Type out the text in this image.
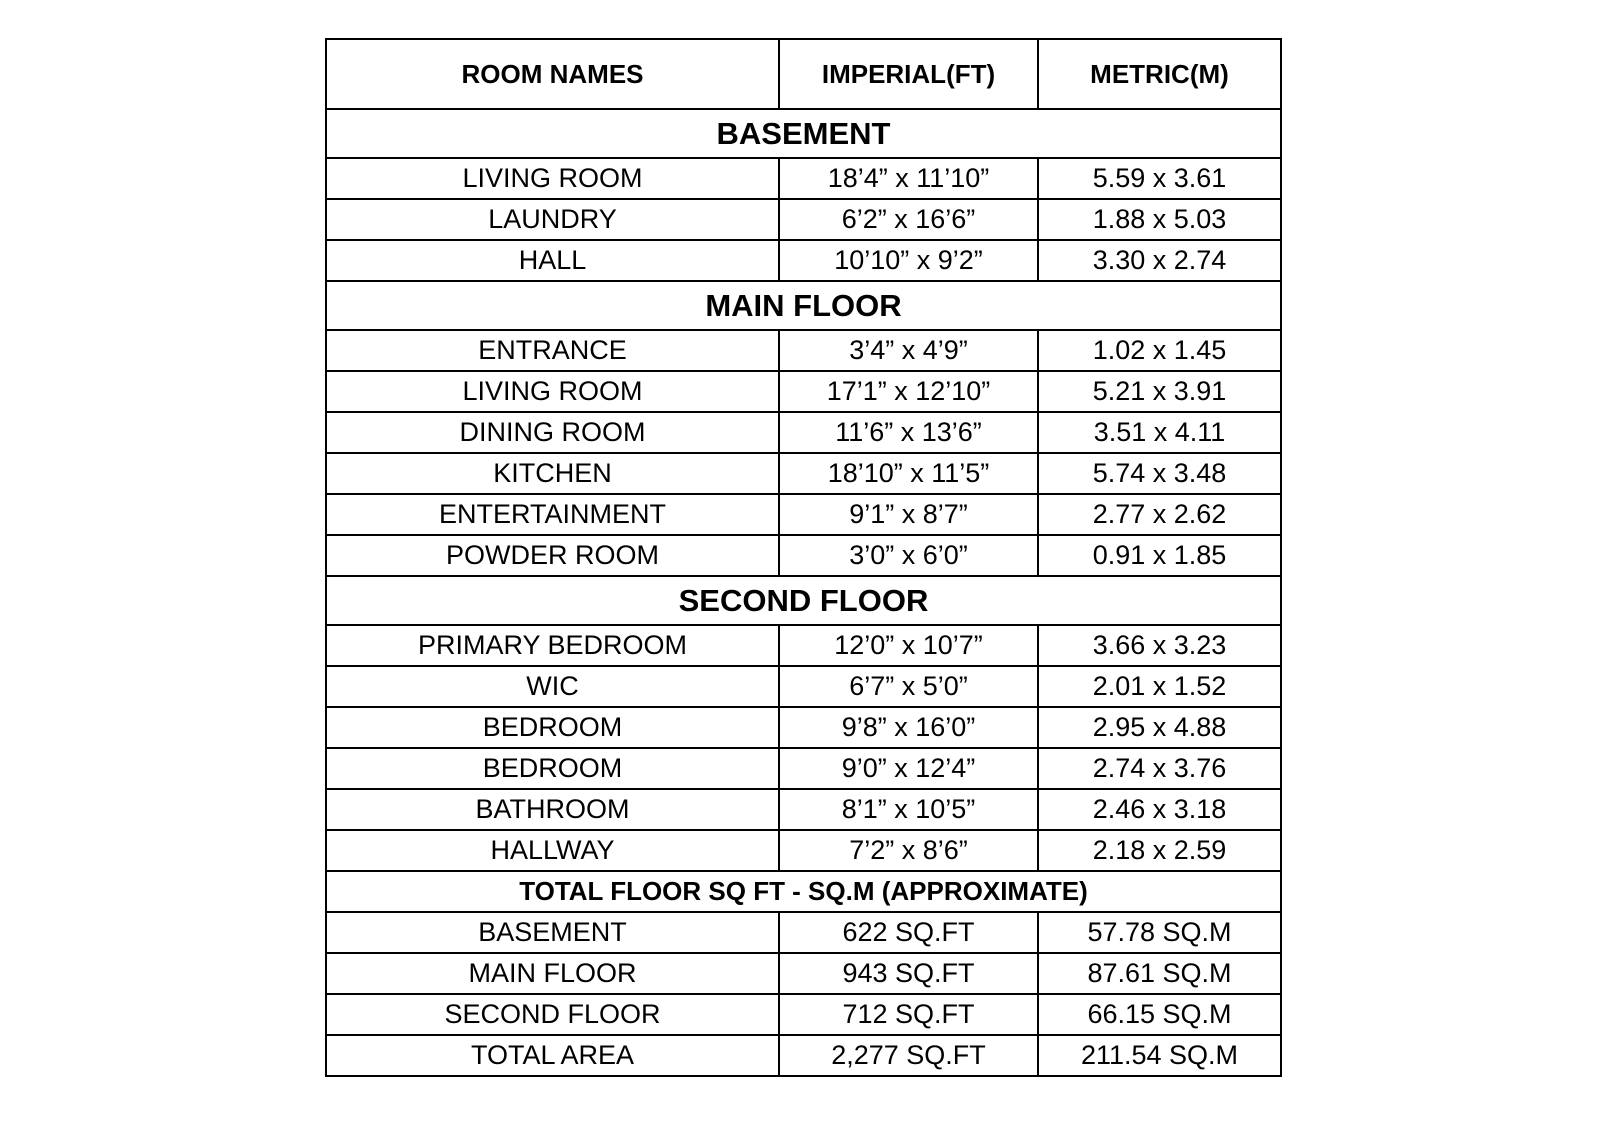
ROOM NAMES	IMPERIAL(FT)	METRIC(M)
BASEMENT		
LIVING ROOM	18’4” x 11’10”	5.59 x 3.61
LAUNDRY	6’2” x 16’6”	1.88 x 5.03
HALL	10’10” x 9’2”	3.30 x 2.74
MAIN FLOOR		
ENTRANCE	3’4” x 4’9”	1.02 x 1.45
LIVING ROOM	17’1” x 12’10”	5.21 x 3.91
DINING ROOM	11’6” x 13’6”	3.51 x 4.11
KITCHEN	18’10” x 11’5”	5.74 x 3.48
ENTERTAINMENT	9’1” x 8’7”	2.77 x 2.62
POWDER ROOM	3’0” x 6’0”	0.91 x 1.85
SECOND FLOOR		
PRIMARY BEDROOM	12’0” x 10’7”	3.66 x 3.23
WIC	6’7” x 5’0”	2.01 x 1.52
BEDROOM	9’8” x 16’0”	2.95 x 4.88
BEDROOM	9’0” x 12’4”	2.74 x 3.76
BATHROOM	8’1” x 10’5”	2.46 x 3.18
HALLWAY	7’2” x 8’6”	2.18 x 2.59
TOTAL FLOOR SQ FT - SQ.M (APPROXIMATE)		
BASEMENT	622 SQ.FT	57.78 SQ.M
MAIN FLOOR	943 SQ.FT	87.61 SQ.M
SECOND FLOOR	712 SQ.FT	66.15 SQ.M
TOTAL AREA	2,277 SQ.FT	211.54 SQ.M
